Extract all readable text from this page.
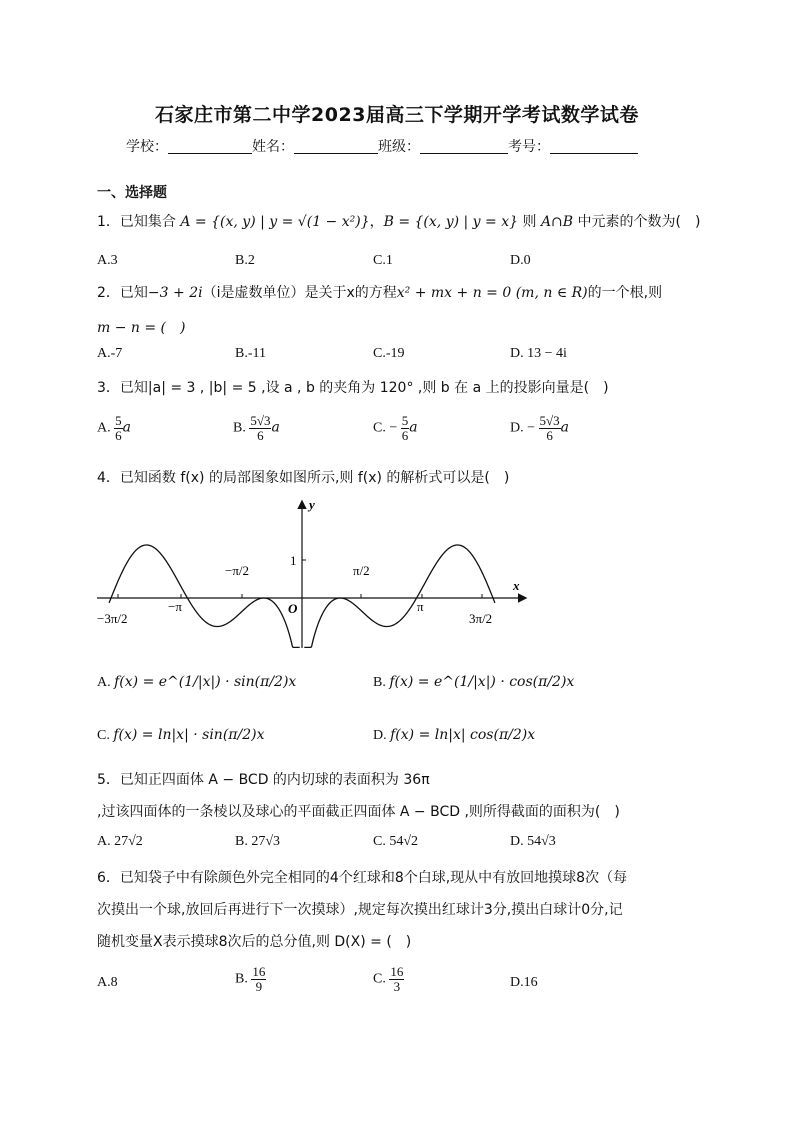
石家庄市第二中学2023届高三下学期开学考试数学试卷
学校：	姓名：	班级：	考号：
一、选择题
1．已知集合 A = {(x, y) | y = √(1 − x²)}，B = {(x, y) | y = x} 则 A∩B 中元素的个数为(　)
A.3	B.2	C.1	D.0
2．已知−3 + 2i（i是虚数单位）是关于x的方程x² + mx + n = 0 (m, n ∈ R)的一个根,则
m − n = (　)
A.-7	B.-11	C.-19	D. 13 − 4i
3．已知|a| = 3 , |b| = 5 ,设 a , b 的夹角为 120° ,则 b 在 a 上的投影向量是(　)
A. $\frac{5}{6}$ a	B. $\frac{5√3}{6}$ a	C. − $\frac{5}{6}$ a	D. − $\frac{5√3}{6}$ a
4．已知函数 f(x) 的局部图象如图所示,则 f(x) 的解析式可以是(　)
y
x
O
1
−π/2	π/2
−π	π
−3π/2	3π/2
A. f(x) = e^(1/|x|) · sin(π/2)x	B. f(x) = e^(1/|x|) · cos(π/2)x
C. f(x) = ln|x| · sin(π/2)x	D. f(x) = ln|x| cos(π/2)x
5．已知正四面体 A − BCD 的内切球的表面积为 36π
,过该四面体的一条棱以及球心的平面截正四面体 A − BCD ,则所得截面的面积为(　)
A. 27√2	B. 27√3	C. 54√2	D. 54√3
6．已知袋子中有除颜色外完全相同的4个红球和8个白球,现从中有放回地摸球8次（每
次摸出一个球,放回后再进行下一次摸球）,规定每次摸出红球计3分,摸出白球计0分,记
随机变量X表示摸球8次后的总分值,则 D(X) = (　)
A.8	B. $\frac{16}{9}$	C. $\frac{16}{3}$	D.16
